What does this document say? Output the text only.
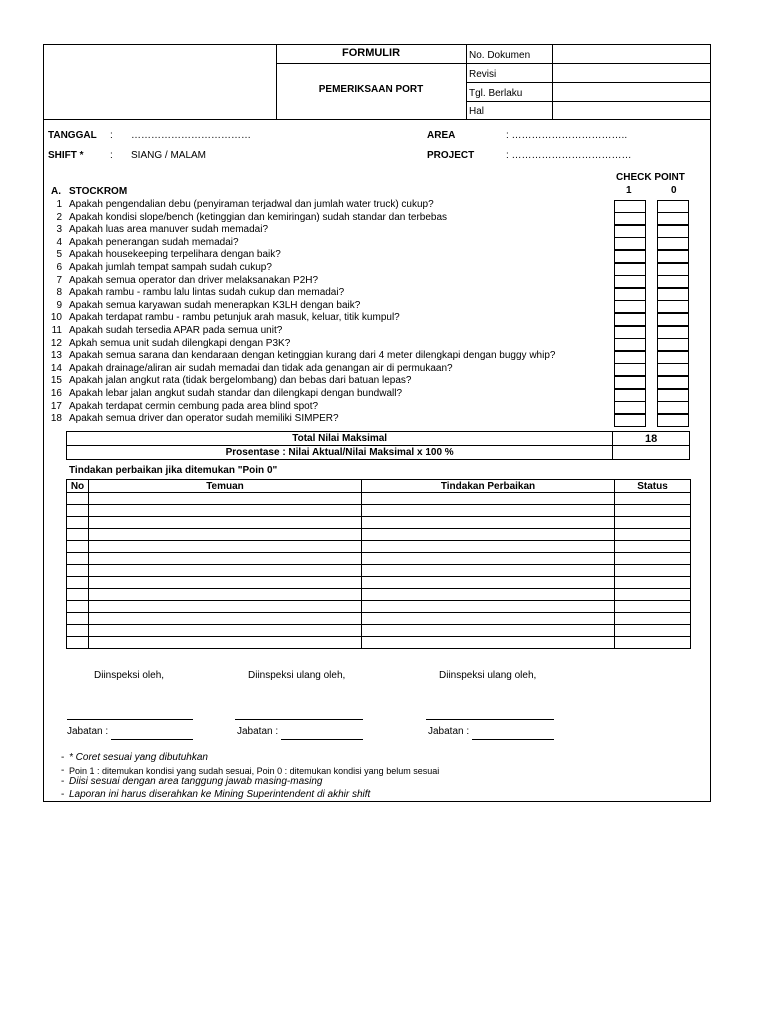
FORMULIR
PEMERIKSAAN PORT
No. Dokumen
Revisi
Tgl. Berlaku
Hal
TANGGAL : ………………………………	AREA	: ……………………………..
SHIFT *	: SIANG / MALAM	PROJECT	: ………………………………
CHECK POINT
1	0
A. STOCKROM
1 Apakah pengendalian debu (penyiraman terjadwal dan jumlah water truck) cukup?
2 Apakah kondisi slope/bench (ketinggian dan kemiringan) sudah standar dan terbebas
3 Apakah luas area manuver sudah memadai?
4 Apakah penerangan sudah memadai?
5 Apakah housekeeping terpelihara dengan baik?
6 Apakah jumlah tempat sampah sudah cukup?
7 Apakah semua operator dan driver melaksanakan P2H?
8 Apakah rambu - rambu lalu lintas sudah cukup dan memadai?
9 Apakah semua karyawan sudah menerapkan K3LH dengan baik?
10 Apakah terdapat rambu - rambu petunjuk arah masuk, keluar, titik kumpul?
11 Apakah sudah tersedia APAR pada semua unit?
12 Apkah semua unit sudah dilengkapi dengan P3K?
13 Apakah semua sarana dan kendaraan dengan ketinggian kurang dari 4 meter dilengkapi dengan buggy whip?
14 Apakah drainage/aliran air sudah memadai dan tidak ada genangan air di permukaan?
15 Apakah jalan angkut rata (tidak bergelombang) dan bebas dari batuan lepas?
16 Apakah lebar jalan angkut sudah standar dan dilengkapi dengan bundwall?
17 Apakah terdapat cermin cembung pada area blind spot?
18 Apakah semua driver dan operator sudah memiliki SIMPER?
Total Nilai Maksimal	18
Prosentase : Nilai Aktual/Nilai Maksimal x 100 %	
Tindakan perbaikan jika ditemukan "Poin 0"
No	Temuan	Tindakan Perbaikan	Status

Diinspeksi oleh,	Diinspeksi ulang oleh,	Diinspeksi ulang oleh,
Jabatan :	Jabatan :	Jabatan :
- * Coret sesuai yang dibutuhkan
- Poin 1 : ditemukan kondisi yang sudah sesuai, Poin 0 : ditemukan kondisi yang belum sesuai
- Diisi sesuai dengan area tanggung jawab masing-masing
- Laporan ini harus diserahkan ke Mining Superintendent di akhir shift
